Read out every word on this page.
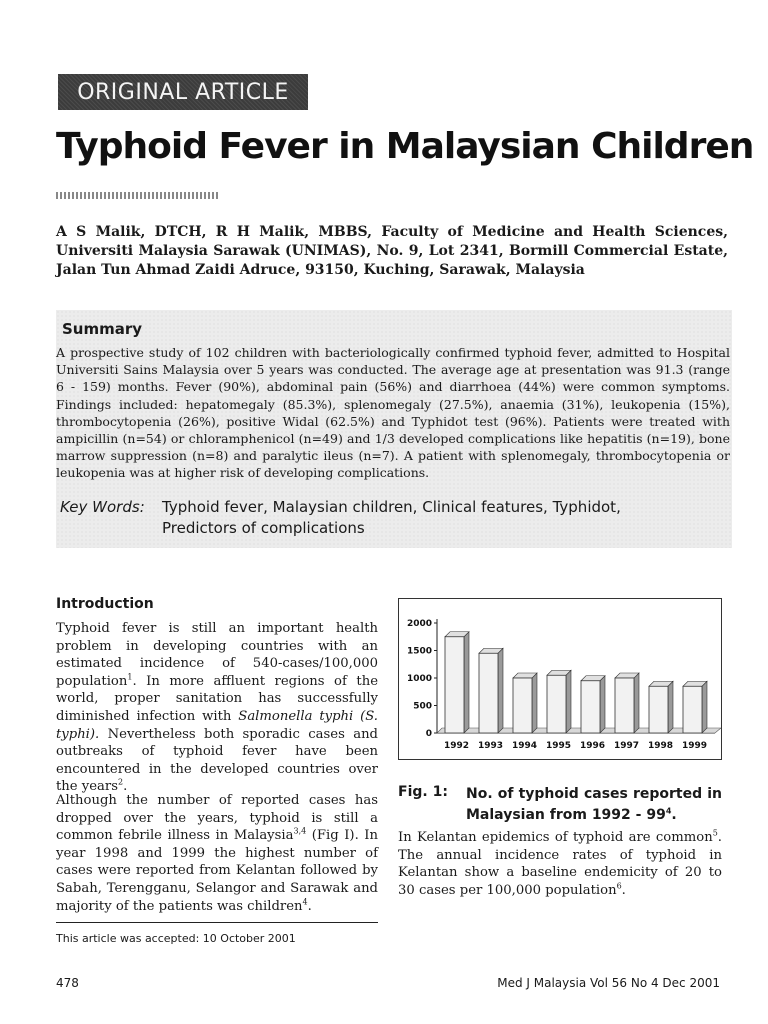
ORIGINAL ARTICLE
Typhoid Fever in Malaysian Children

A S Malik, DTCH, R H Malik, MBBS, Faculty of Medicine and Health Sciences, Universiti Malaysia Sarawak (UNIMAS), No. 9, Lot 2341, Bormill Commercial Estate, Jalan Tun Ahmad Zaidi Adruce, 93150, Kuching, Sarawak, Malaysia

Summary

A prospective study of 102 children with bacteriologically confirmed typhoid fever, admitted to Hospital Universiti Sains Malaysia over 5 years was conducted. The average age at presentation was 91.3 (range 6 - 159) months. Fever (90%), abdominal pain (56%) and diarrhoea (44%) were common symptoms. Findings included: hepatomegaly (85.3%), splenomegaly (27.5%), anaemia (31%), leukopenia (15%), thrombocytopenia (26%), positive Widal (62.5%) and Typhidot test (96%). Patients were treated with ampicillin (n=54) or chloramphenicol (n=49) and 1/3 developed complications like hepatitis (n=19), bone marrow suppression (n=8) and paralytic ileus (n=7). A patient with splenomegaly, thrombocytopenia or leukopenia was at higher risk of developing complications.

Key Words: Typhoid fever, Malaysian children, Clinical features, Typhidot,
Predictors of complications
Introduction

Typhoid fever is still an important health problem in developing countries with an estimated incidence of 540-cases/100,000 population$^1$. In more affluent regions of the world, proper sanitation has successfully diminished infection with Salmonella typhi (S. typhi). Nevertheless both sporadic cases and outbreaks of typhoid fever have been encountered in the developed countries over the years$^2$.

Although the number of reported cases has dropped over the years, typhoid is still a common febrile illness in Malaysia$^{3,4}$ (Fig I). In year 1998 and 1999 the highest number of cases were reported from Kelantan followed by Sabah, Terengganu, Selangor and Sarawak and majority of the patients was children$^4$.

This article was accepted: 10 October 2001

0
500
1000
1500
2000
1992 1993 1994 1995 1996 1997 1998 1999
Fig. 1: No. of typhoid cases reported in Malaysian from $1992 - 99^4$.

In Kelantan epidemics of typhoid are common$^5$. The annual incidence rates of typhoid in Kelantan show a baseline endemicity of 20 to 30 cases per 100,000 population$^6$.

478	Med J Malaysia Vol 56 No 4 Dec 2001
